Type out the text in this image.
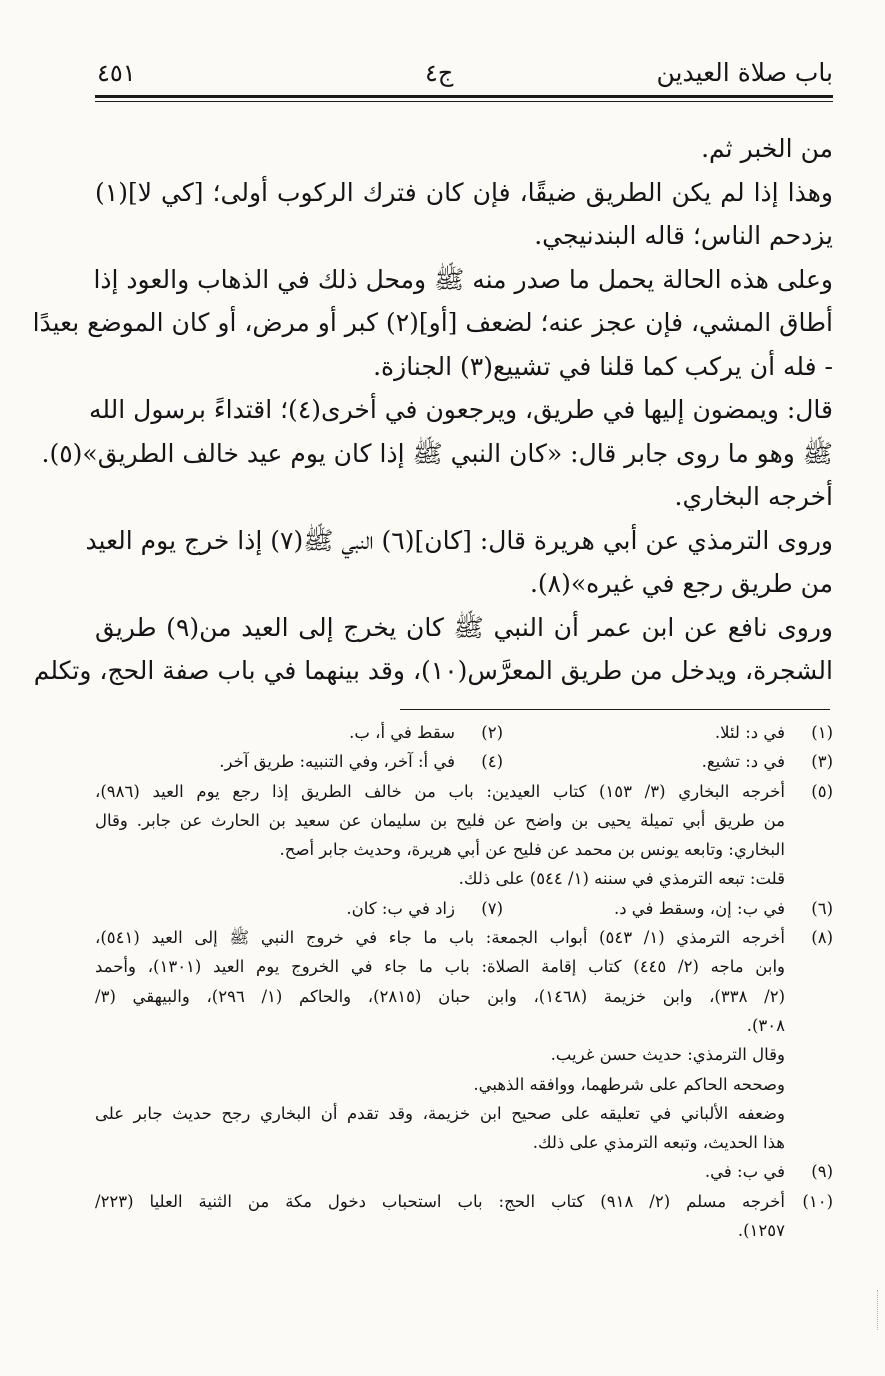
باب صلاة العيدين
ج٤
٤٥١
من الخبر ثم.
وهذا إذا لم يكن الطريق ضيقًا، فإن كان فترك الركوب أولى؛ [كي لا](١)
يزدحم الناس؛ قاله البندنيجي.
وعلى هذه الحالة يحمل ما صدر منه ﷺ ومحل ذلك في الذهاب والعود إذا
أطاق المشي، فإن عجز عنه؛ لضعف [أو](٢) كبر أو مرض، أو كان الموضع بعيدًا
- فله أن يركب كما قلنا في تشييع(٣) الجنازة.
قال: ويمضون إليها في طريق، ويرجعون في أخرى(٤)؛ اقتداءً برسول الله
ﷺ وهو ما روى جابر قال: «كان النبي ﷺ إذا كان يوم عيد خالف الطريق»(٥).
أخرجه البخاري.
وروى الترمذي عن أبي هريرة قال: [كان](٦) النبي ﷺ(٧) إذا خرج يوم العيد
من طريق رجع في غيره»(٨).
وروى نافع عن ابن عمر أن النبي ﷺ كان يخرج إلى العيد من(٩) طريق
الشجرة، ويدخل من طريق المعرَّس(١٠)، وقد بينهما في باب صفة الحج، وتكلم
(١)
في د: لئلا.
(٢)
سقط في أ، ب.
(٣)
في د: تشيع.
(٤)
في أ: آخر، وفي التنبيه: طريق آخر.
(٥)
أخرجه البخاري (٣/ ١٥٣) كتاب العيدين: باب من خالف الطريق إذا رجع يوم العيد (٩٨٦)،
من طريق أبي تميلة يحيى بن واضح عن فليح بن سليمان عن سعيد بن الحارث عن جابر. وقال
البخاري: وتابعه يونس بن محمد عن فليح عن أبي هريرة، وحديث جابر أصح.
قلت: تبعه الترمذي في سننه (١/ ٥٤٤) على ذلك.
(٦)
في ب: إن، وسقط في د.
(٧)
زاد في ب: كان.
(٨)
أخرجه الترمذي (١/ ٥٤٣) أبواب الجمعة: باب ما جاء في خروج النبي ﷺ إلى العيد (٥٤١)،
وابن ماجه (٢/ ٤٤٥) كتاب إقامة الصلاة: باب ما جاء في الخروج يوم العيد (١٣٠١)، وأحمد
(٢/ ٣٣٨)، وابن خزيمة (١٤٦٨)، وابن حبان (٢٨١٥)، والحاكم (١/ ٢٩٦)، والبيهقي (٣/
٣٠٨).
وقال الترمذي: حديث حسن غريب.
وصححه الحاكم على شرطهما، ووافقه الذهبي.
وضعفه الألباني في تعليقه على صحيح ابن خزيمة، وقد تقدم أن البخاري رجح حديث جابر على
هذا الحديث، وتبعه الترمذي على ذلك.
(٩)
في ب: في.
(١٠)
أخرجه مسلم (٢/ ٩١٨) كتاب الحج: باب استحباب دخول مكة من الثنية العليا (٢٢٣/
١٢٥٧).
